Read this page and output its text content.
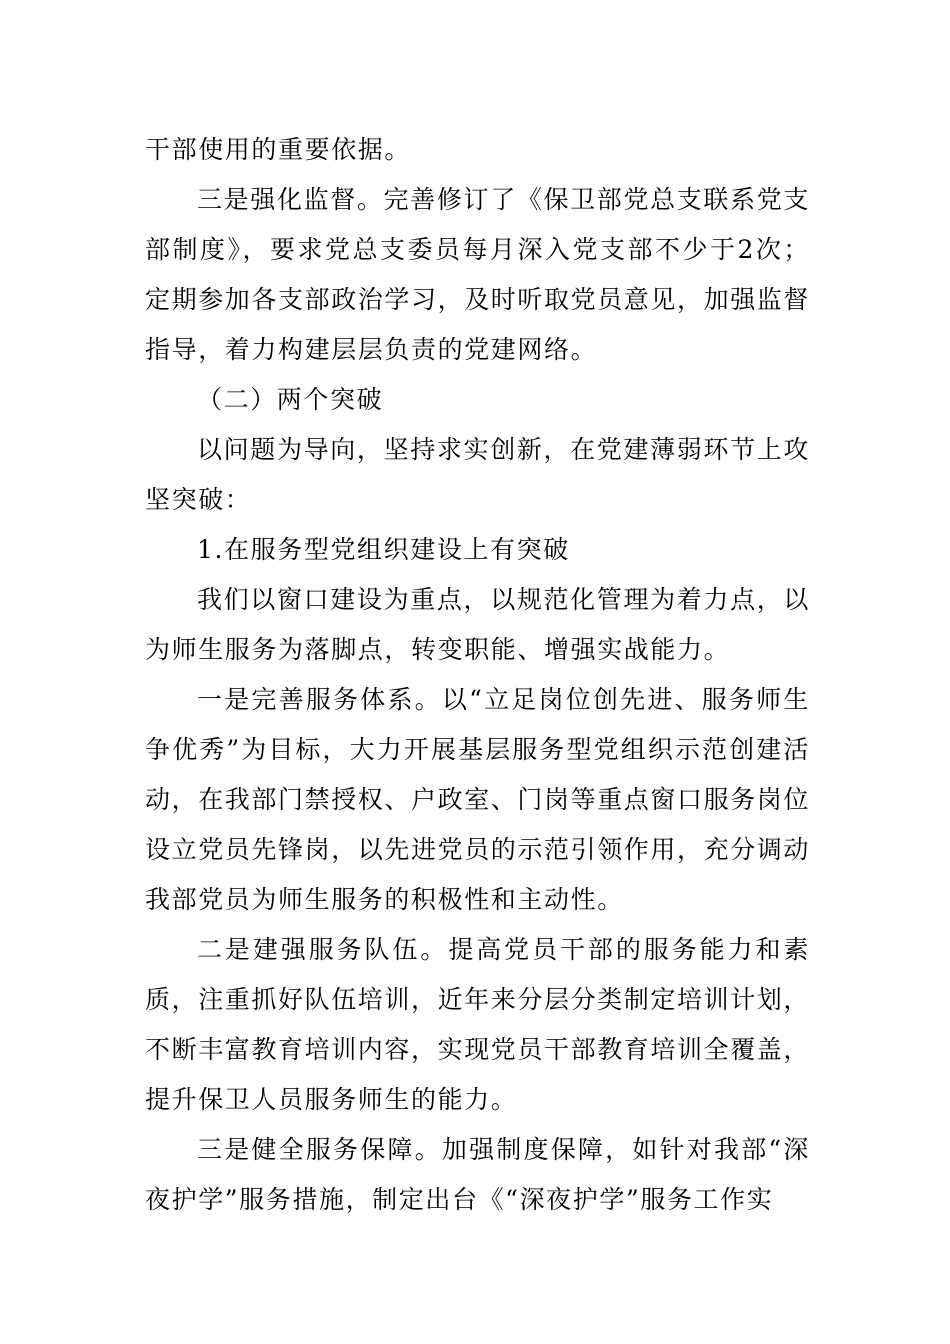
干部使用的重要依据。

三是强化监督。完善修订了《保卫部党总支联系党支部制度》，要求党总支委员每月深入党支部不少于2次；定期参加各支部政治学习，及时听取党员意见，加强监督指导，着力构建层层负责的党建网络。

（二）两个突破

以问题为导向，坚持求实创新，在党建薄弱环节上攻坚突破：

1.在服务型党组织建设上有突破

我们以窗口建设为重点，以规范化管理为着力点，以为师生服务为落脚点，转变职能、增强实战能力。

一是完善服务体系。以“立足岗位创先进、服务师生争优秀”为目标，大力开展基层服务型党组织示范创建活动，在我部门禁授权、户政室、门岗等重点窗口服务岗位设立党员先锋岗，以先进党员的示范引领作用，充分调动我部党员为师生服务的积极性和主动性。

二是建强服务队伍。提高党员干部的服务能力和素质，注重抓好队伍培训，近年来分层分类制定培训计划，不断丰富教育培训内容，实现党员干部教育培训全覆盖，提升保卫人员服务师生的能力。

三是健全服务保障。加强制度保障，如针对我部“深夜护学”服务措施，制定出台《“深夜护学”服务工作实
